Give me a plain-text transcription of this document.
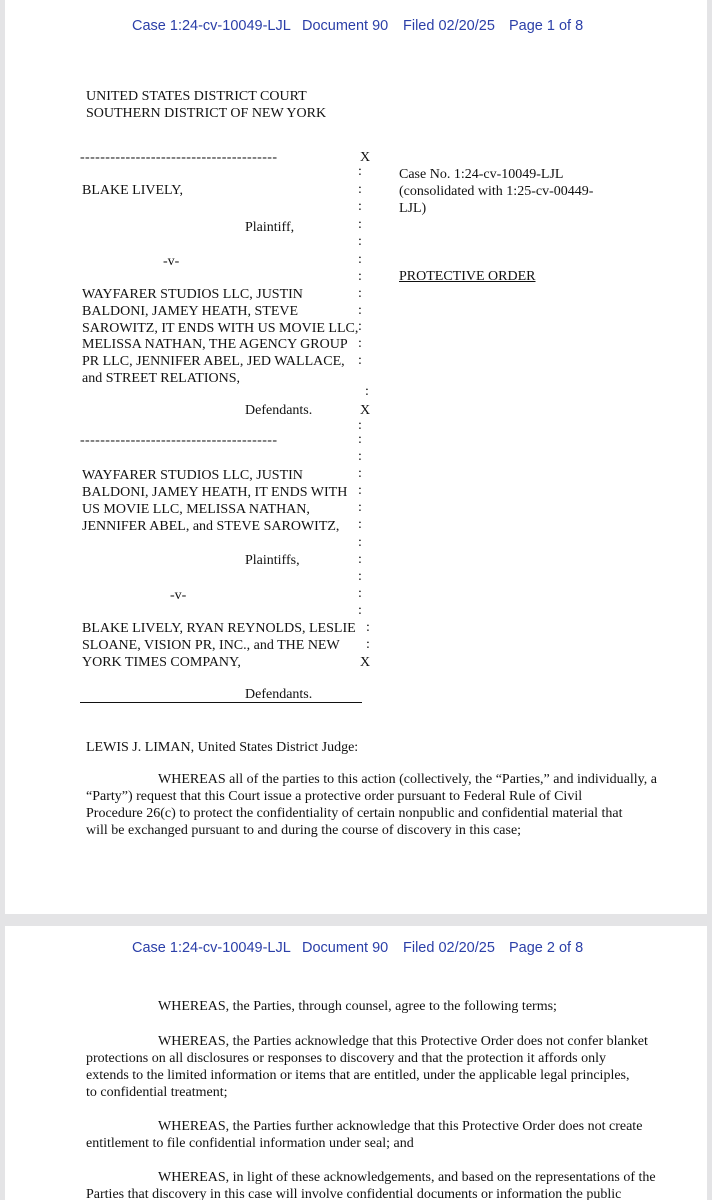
Case 1:24-cv-10049-LJL Document 90 Filed 02/20/25 Page 1 of 8
UNITED STATES DISTRICT COURT
SOUTHERN DISTRICT OF NEW YORK
---------------------------------------	X
:
:
:
:
:
:
:
:
:
:
:
:
:
BLAKE LIVELY,
Plaintiff,
-v-
WAYFARER STUDIOS LLC, JUSTIN
BALDONI, JAMEY HEATH, STEVE
SAROWITZ, IT ENDS WITH US MOVIE LLC,
MELISSA NATHAN, THE AGENCY GROUP
PR LLC, JENNIFER ABEL, JED WALLACE,
and STREET RELATIONS,
Defendants.	X
Case No. 1:24-cv-10049-LJL
(consolidated with 1:25-cv-00449-
LJL)
PROTECTIVE ORDER
:
---------------------------------------	:
:
:
:
:
:
:
:
:
:
:
:
:
WAYFARER STUDIOS LLC, JUSTIN
BALDONI, JAMEY HEATH, IT ENDS WITH
US MOVIE LLC, MELISSA NATHAN,
JENNIFER ABEL, and STEVE SAROWITZ,
Plaintiffs,
-v-
BLAKE LIVELY, RYAN REYNOLDS, LESLIE
SLOANE, VISION PR, INC., and THE NEW
YORK TIMES COMPANY,	X
Defendants.
LEWIS J. LIMAN, United States District Judge:
WHEREAS all of the parties to this action (collectively, the “Parties,” and individually, a
“Party”) request that this Court issue a protective order pursuant to Federal Rule of Civil
Procedure 26(c) to protect the confidentiality of certain nonpublic and confidential material that
will be exchanged pursuant to and during the course of discovery in this case;
Case 1:24-cv-10049-LJL Document 90 Filed 02/20/25 Page 2 of 8
WHEREAS, the Parties, through counsel, agree to the following terms;
WHEREAS, the Parties acknowledge that this Protective Order does not confer blanket
protections on all disclosures or responses to discovery and that the protection it affords only
extends to the limited information or items that are entitled, under the applicable legal principles,
to confidential treatment;
WHEREAS, the Parties further acknowledge that this Protective Order does not create
entitlement to file confidential information under seal; and
WHEREAS, in light of these acknowledgements, and based on the representations of the
Parties that discovery in this case will involve confidential documents or information the public
